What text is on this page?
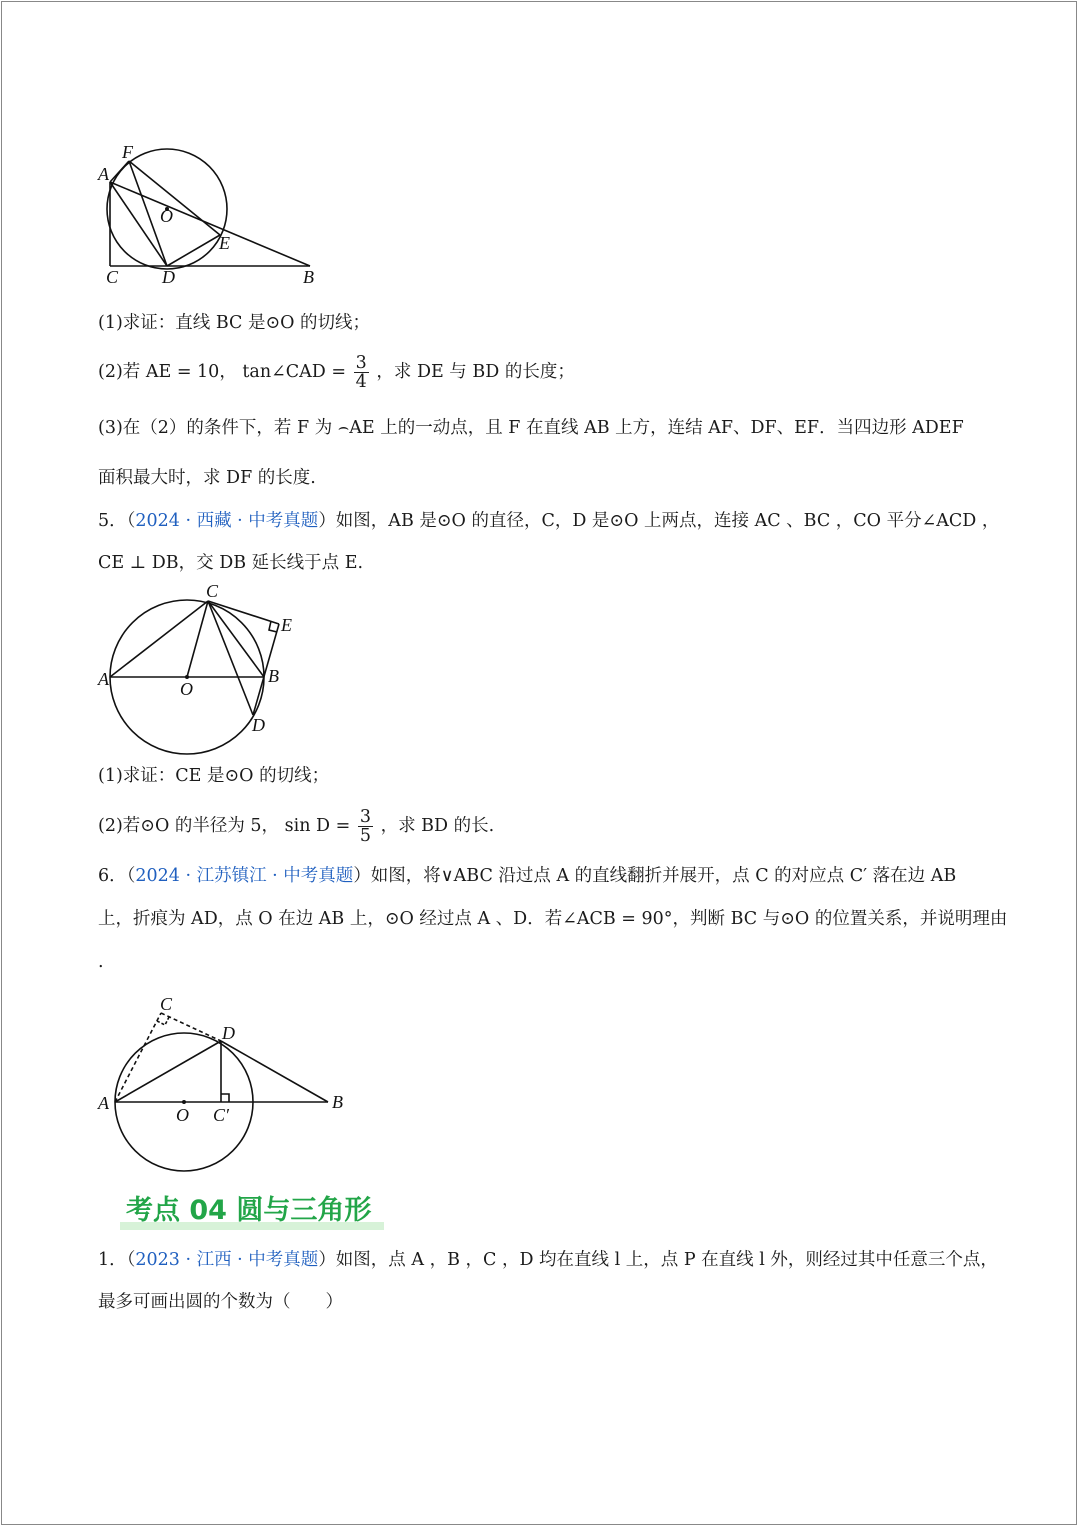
A
F
O
E
C D	B
(1)求证：直线 BC 是⊙O 的切线；
(2)若 AE = 10， tan∠CAD = $\frac{3}{4}$ ，求 DE 与 BD 的长度；
(3)在（2）的条件下，若 F 为 ⌢AE 上的一动点，且 F 在直线 AB 上方，连结 AF、DF、EF．当四边形 ADEF
面积最大时，求 DF 的长度.
5．（2024 · 西藏 · 中考真题）如图，AB 是⊙O 的直径，C，D 是⊙O 上两点，连接 AC 、BC ，CO 平分∠ACD ，
CE ⊥ DB，交 DB 延长线于点 E.
C
E
A	O
B
D
(1)求证：CE 是⊙O 的切线；
(2)若⊙O 的半径为 5， $\sin D = \frac{3}{5}$ ，求 BD 的长.
6．（2024 · 江苏镇江 · 中考真题）如图，将∨ABC 沿过点 A 的直线翻折并展开，点 C 的对应点 C′ 落在边 AB
上，折痕为 AD，点 O 在边 AB 上，⊙O 经过点 A 、D．若∠ACB = 90°，判断 BC 与⊙O 的位置关系，并说明理由
.
C
D
A
O C′
B
考点 04 圆与三角形
1．（2023 · 江西 · 中考真题）如图，点 A ，B ，C ，D 均在直线 l 上，点 P 在直线 l 外，则经过其中任意三个点，
最多可画出圆的个数为（　　）
